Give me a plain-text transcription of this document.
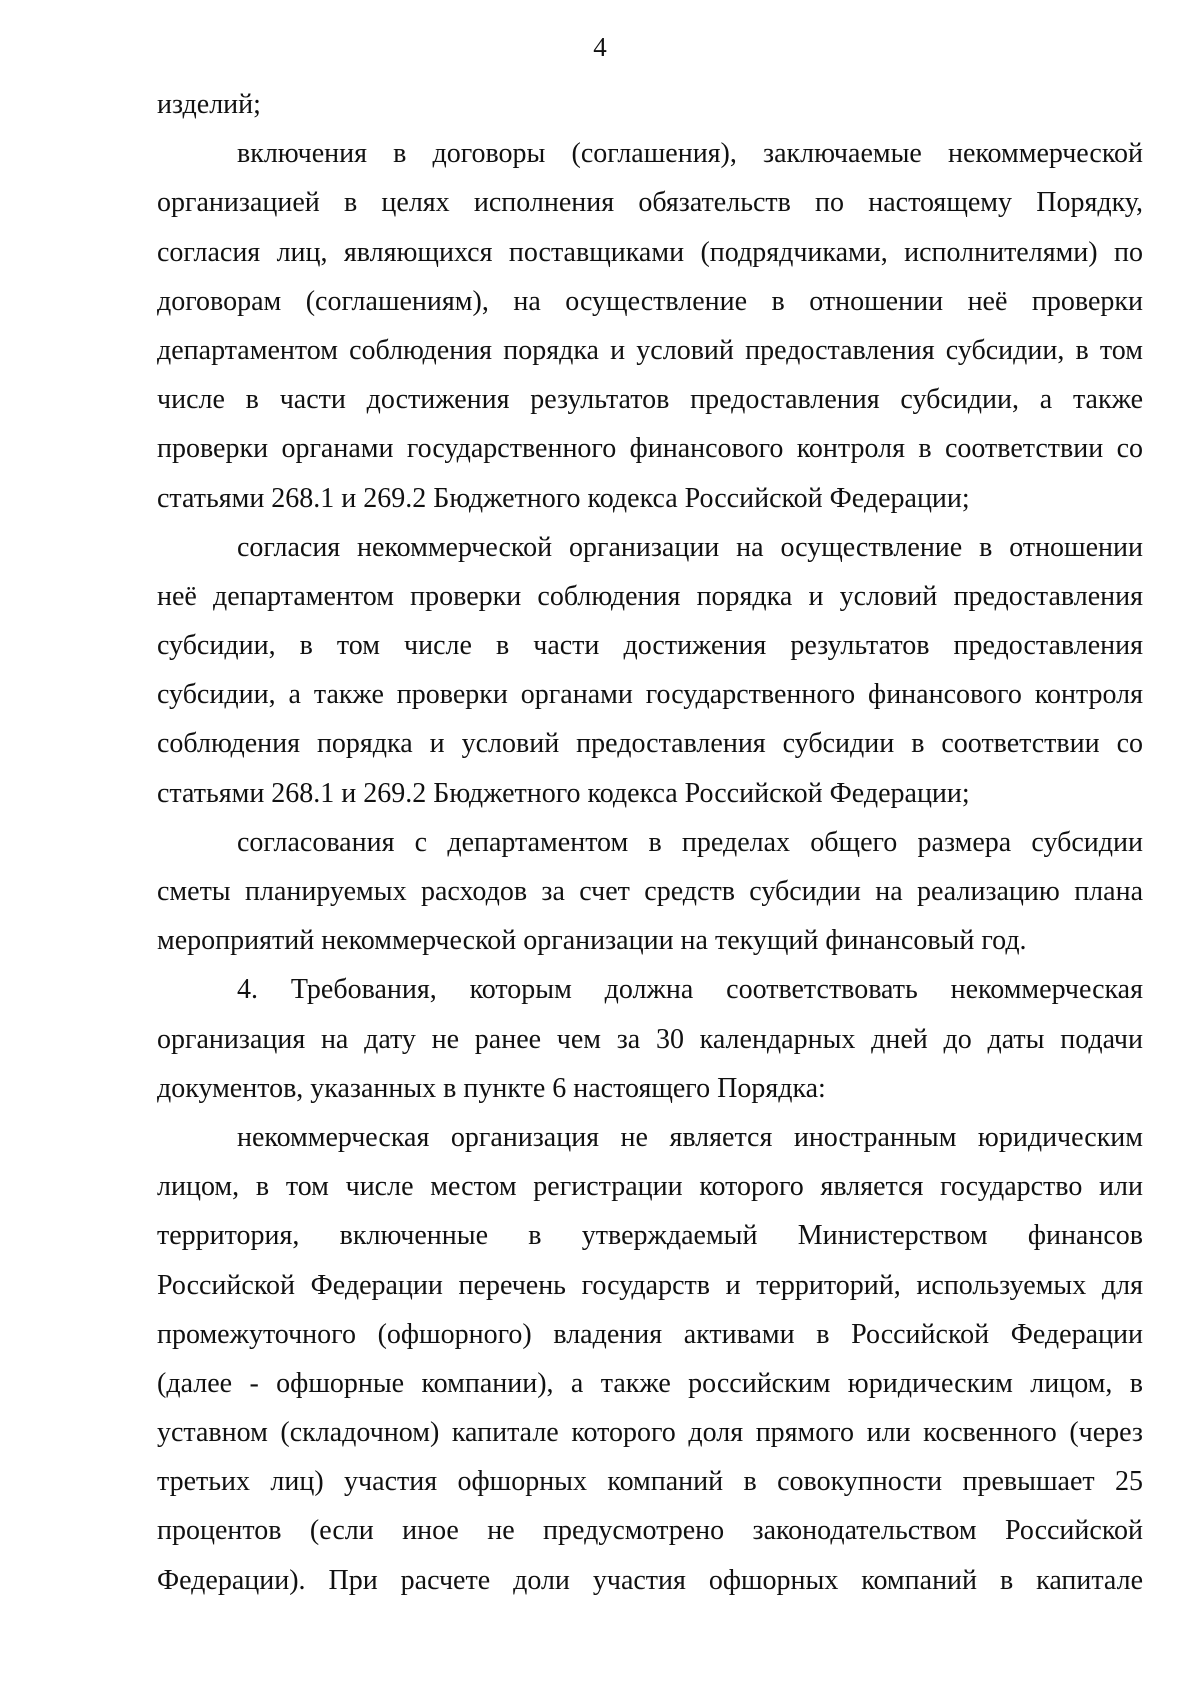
4

изделий;

включения в договоры (соглашения), заключаемые некоммерческой
организацией в целях исполнения обязательств по настоящему Порядку,
согласия лиц, являющихся поставщиками (подрядчиками, исполнителями) по
договорам (соглашениям), на осуществление в отношении неё проверки
департаментом соблюдения порядка и условий предоставления субсидии, в том
числе в части достижения результатов предоставления субсидии, а также
проверки органами государственного финансового контроля в соответствии со
статьями 268.1 и 269.2 Бюджетного кодекса Российской Федерации;

согласия некоммерческой организации на осуществление в отношении
неё департаментом проверки соблюдения порядка и условий предоставления
субсидии, в том числе в части достижения результатов предоставления
субсидии, а также проверки органами государственного финансового контроля
соблюдения порядка и условий предоставления субсидии в соответствии со
статьями 268.1 и 269.2 Бюджетного кодекса Российской Федерации;

согласования с департаментом в пределах общего размера субсидии
сметы планируемых расходов за счет средств субсидии на реализацию плана
мероприятий некоммерческой организации на текущий финансовый год.

4. Требования, которым должна соответствовать некоммерческая
организация на дату не ранее чем за 30 календарных дней до даты подачи
документов, указанных в пункте 6 настоящего Порядка:

некоммерческая организация не является иностранным юридическим
лицом, в том числе местом регистрации которого является государство или
территория, включенные в утверждаемый Министерством финансов
Российской Федерации перечень государств и территорий, используемых для
промежуточного (офшорного) владения активами в Российской Федерации
(далее - офшорные компании), а также российским юридическим лицом, в
уставном (складочном) капитале которого доля прямого или косвенного (через
третьих лиц) участия офшорных компаний в совокупности превышает 25
процентов (если иное не предусмотрено законодательством Российской
Федерации). При расчете доли участия офшорных компаний в капитале
